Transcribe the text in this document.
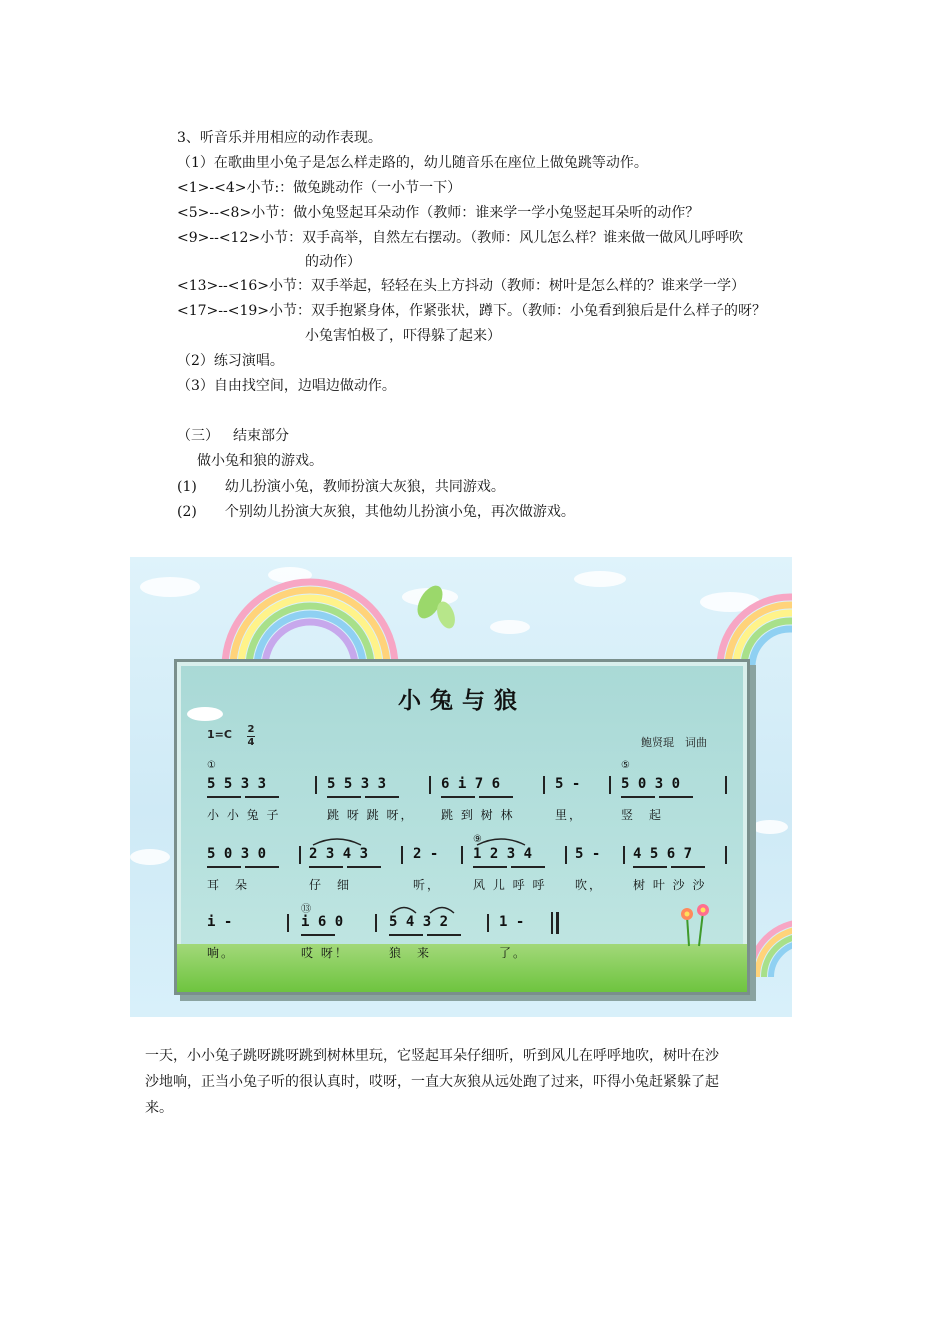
3、听音乐并用相应的动作表现。
（1）在歌曲里小兔子是怎么样走路的，幼儿随音乐在座位上做兔跳等动作。
<1>-<4>小节:：做兔跳动作（一小节一下）
<5>--<8>小节：做小兔竖起耳朵动作（教师：谁来学一学小兔竖起耳朵听的动作？
<9>--<12>小节：双手高举，自然左右摆动。（教师：风儿怎么样？谁来做一做风儿呼呼吹
的动作）
<13>--<16>小节：双手举起，轻轻在头上方抖动（教师：树叶是怎么样的？谁来学一学）
<17>--<19>小节：双手抱紧身体，作紧张状，蹲下。（教师：小兔看到狼后是什么样子的呀？
小兔害怕极了，吓得躲了起来）
（2）练习演唱。
（3）自由找空间，边唱边做动作。
（三） 结束部分
做小兔和狼的游戏。
(1) 幼儿扮演小兔，教师扮演大灰狼，共同游戏。
(2) 个别幼儿扮演大灰狼，其他幼儿扮演小兔，再次做游戏。
小兔与狼
1=C 2
4	鲍贤琨　词曲
①	⑤
5 5 3 3	5 5 3 3	6 i 7 6	5 -	5 0 3 0
小 小 兔 子	跳 呀 跳 呀， 跳 到 树 林	里，	竖　起
⑨
5 0 3 0	2 3 4 3	2 - 1 2 3 4	5 - 4 5 6 7
耳　朵	仔　细	听，	风 儿 呼 呼 吹， 树 叶 沙 沙
⑬
i -	i 6 0	5 4 3 2	1 -
响。	哎 呀！	狼　来	了。
一天，小小兔子跳呀跳呀跳到树林里玩，它竖起耳朵仔细听，听到风儿在呼呼地吹，树叶在沙
沙地响，正当小兔子听的很认真时，哎呀，一直大灰狼从远处跑了过来，吓得小兔赶紧躲了起
来。
